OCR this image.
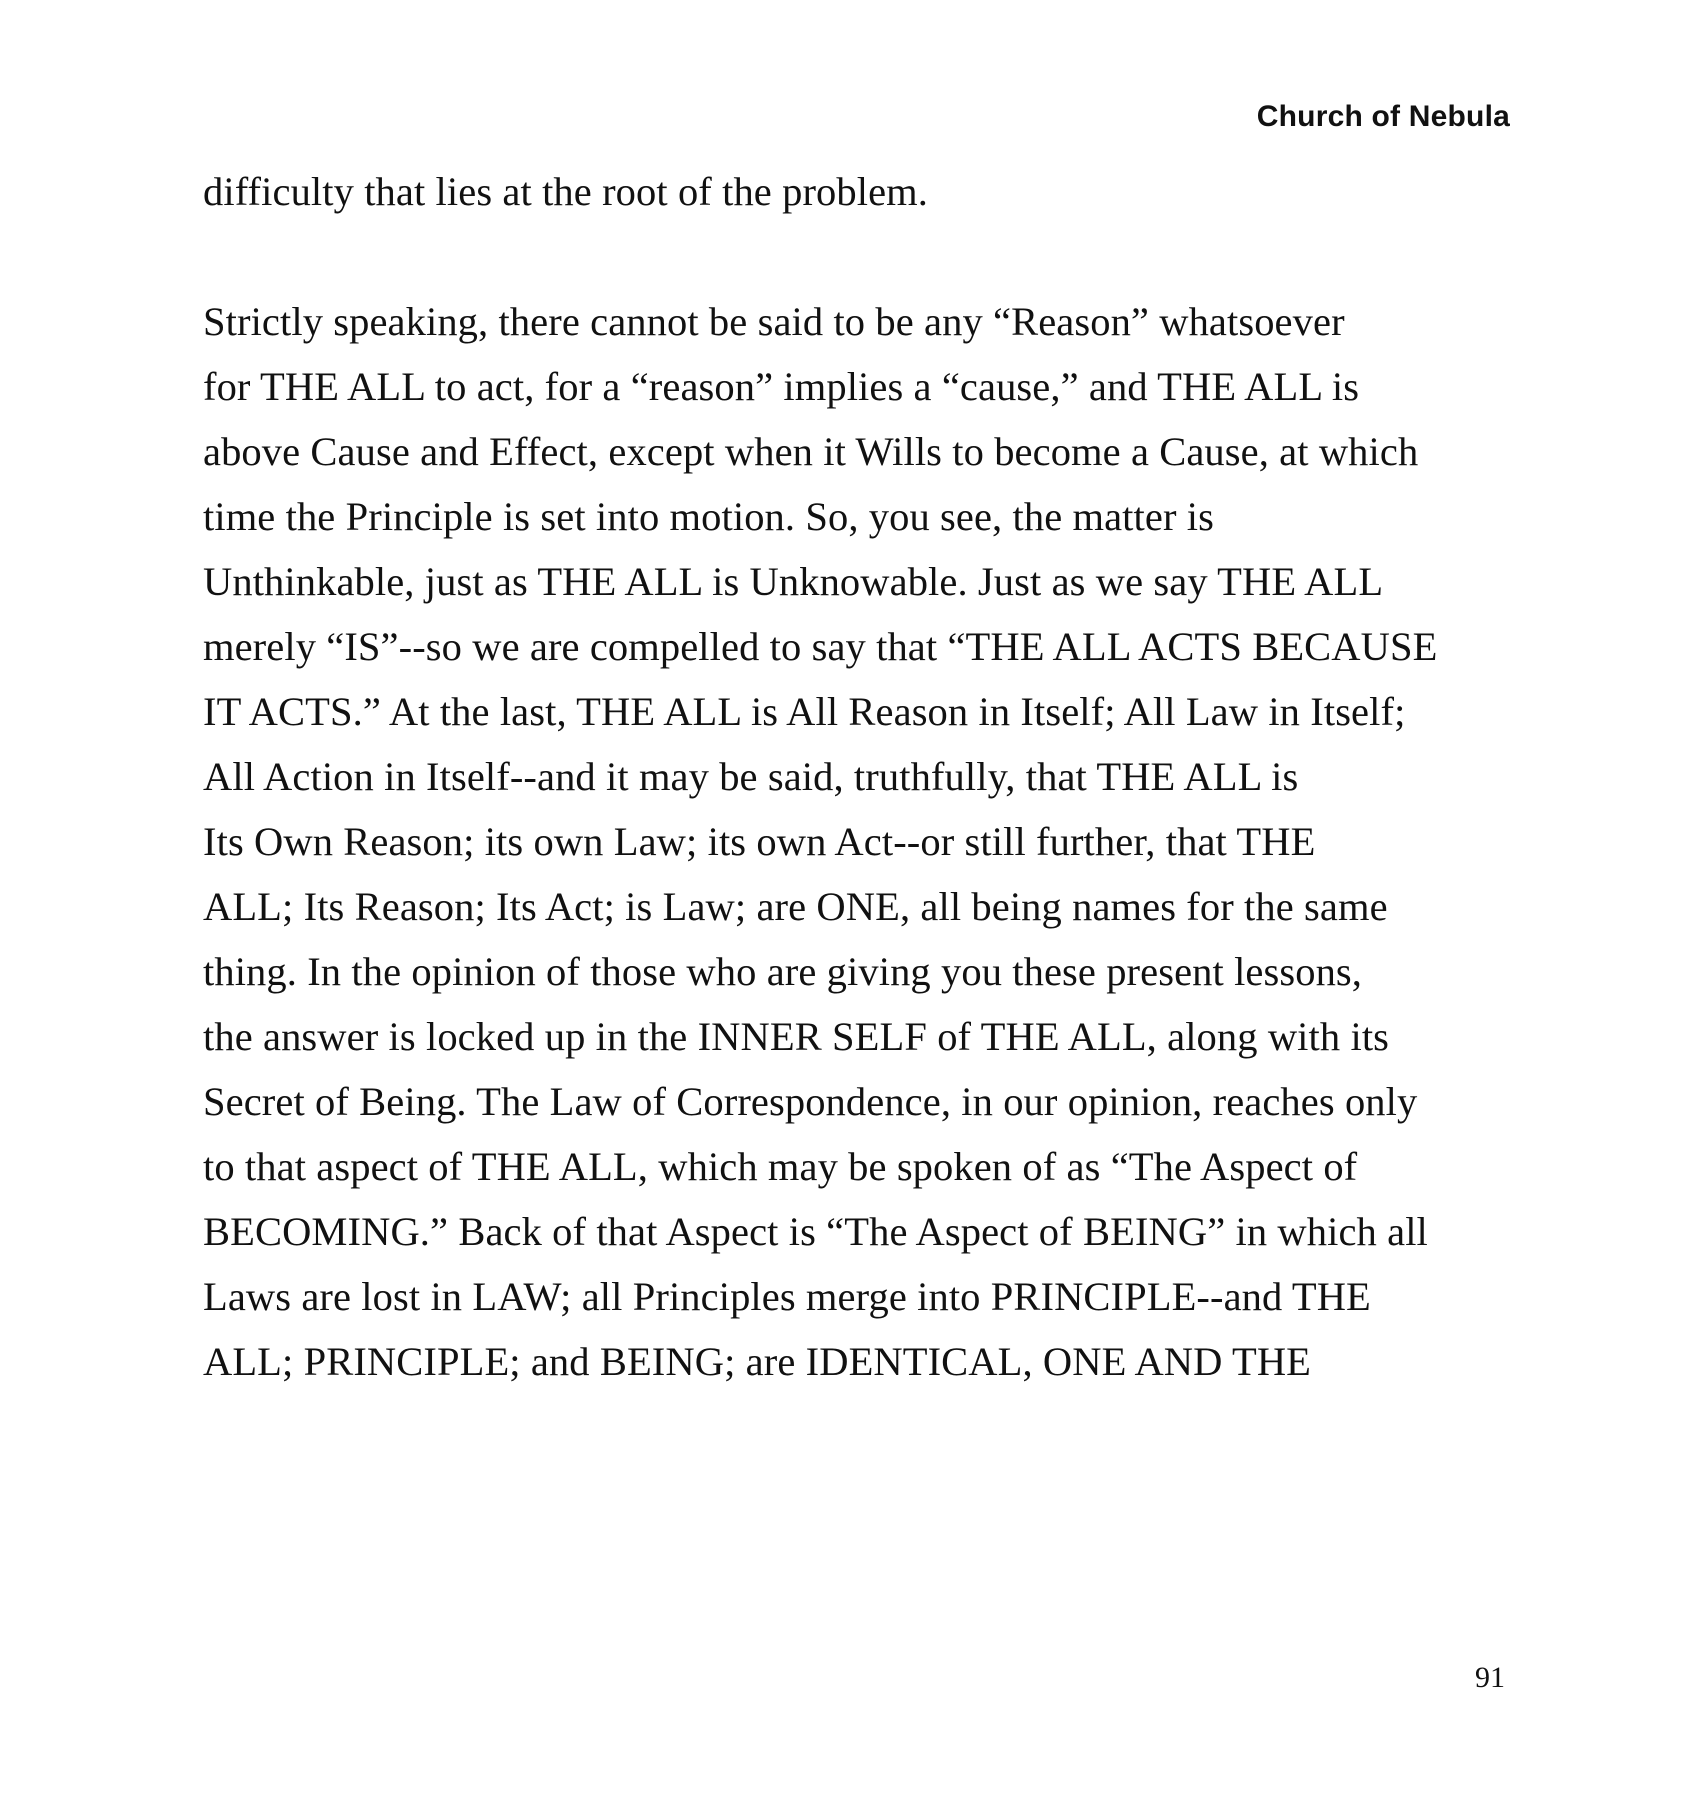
Church of Nebula
difficulty that lies at the root of the problem.
Strictly speaking, there cannot be said to be any “Reason” whatsoever
for THE ALL to act, for a “reason” implies a “cause,” and THE ALL is
above Cause and Effect, except when it Wills to become a Cause, at which
time the Principle is set into motion. So, you see, the matter is
Unthinkable, just as THE ALL is Unknowable. Just as we say THE ALL
merely “IS”--so we are compelled to say that “THE ALL ACTS BECAUSE
IT ACTS.” At the last, THE ALL is All Reason in Itself; All Law in Itself;
All Action in Itself--and it may be said, truthfully, that THE ALL is
Its Own Reason; its own Law; its own Act--or still further, that THE
ALL; Its Reason; Its Act; is Law; are ONE, all being names for the same
thing. In the opinion of those who are giving you these present lessons,
the answer is locked up in the INNER SELF of THE ALL, along with its
Secret of Being. The Law of Correspondence, in our opinion, reaches only
to that aspect of THE ALL, which may be spoken of as “The Aspect of
BECOMING.” Back of that Aspect is “The Aspect of BEING” in which all
Laws are lost in LAW; all Principles merge into PRINCIPLE--and THE
ALL; PRINCIPLE; and BEING; are IDENTICAL, ONE AND THE
91
